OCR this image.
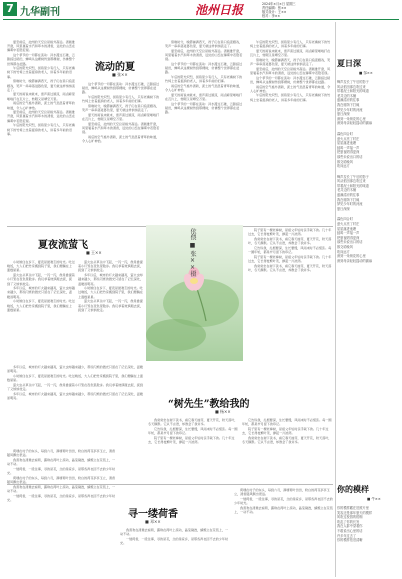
7 九华副刊	池州日报	2024年×月×日 星期三
责任编辑：张××
版式设计：王××
校对：李××

夏至前后，池州的天空总是格外高远。清晨推开窗，风里裹着水汽和草木的清香，远处的山峦在薄雾中若隐若现。

这个季节的一切都在流动：河水漫过石滩，云影掠过稻田，蝉鸣从这棵树传到那棵树，仿佛整个世界都在赶路。

午后的阳光炽烈，街巷里少有行人，只有老槐树下的竹椅上坐着摇扇的老人，讲着多年前的旧事。

傍晚时分，晚霞铺满西天，孩子们在巷口追逐嬉戏，笑声一串串落进暮色里，夏天就这样悄悄流走了。

夏天的雨说来就来，雷声滚过屋顶，雨点噼里啪啦打在瓦片上，转眼又是晴空万里。

雨后的空气格外清新，泥土的气息混着青草的味道，令人心旷神怡。

夏至前后，池州的天空总是格外高远。清晨推开窗，风里裹着水汽和草木的清香，远处的山峦在薄雾中若隐若现。

午后的阳光炽烈，街巷里少有行人，只有老槐树下的竹椅上坐着摇扇的老人，讲着多年前的旧事。

流动的夏
■ 张××

这个季节的一切都在流动：河水漫过石滩，云影掠过稻田，蝉鸣从这棵树传到那棵树，仿佛整个世界都在赶路。

午后的阳光炽烈，街巷里少有行人，只有老槐树下的竹椅上坐着摇扇的老人，讲着多年前的旧事。

傍晚时分，晚霞铺满西天，孩子们在巷口追逐嬉戏，笑声一串串落进暮色里，夏天就这样悄悄流走了。

夏天的雨说来就来，雷声滚过屋顶，雨点噼里啪啦打在瓦片上，转眼又是晴空万里。

夏至前后，池州的天空总是格外高远。清晨推开窗，风里裹着水汽和草木的清香，远处的山峦在薄雾中若隐若现。

雨后的空气格外清新，泥土的气息混着青草的味道，令人心旷神怡。

傍晚时分，晚霞铺满西天，孩子们在巷口追逐嬉戏，笑声一串串落进暮色里，夏天就这样悄悄流走了。

夏至前后，池州的天空总是格外高远。清晨推开窗，风里裹着水汽和草木的清香，远处的山峦在薄雾中若隐若现。

这个季节的一切都在流动：河水漫过石滩，云影掠过稻田，蝉鸣从这棵树传到那棵树，仿佛整个世界都在赶路。

午后的阳光炽烈，街巷里少有行人，只有老槐树下的竹椅上坐着摇扇的老人，讲着多年前的旧事。

雨后的空气格外清新，泥土的气息混着青草的味道，令人心旷神怡。

夏天的雨说来就来，雷声滚过屋顶，雨点噼里啪啦打在瓦片上，转眼又是晴空万里。

这个季节的一切都在流动：河水漫过石滩，云影掠过稻田，蝉鸣从这棵树传到那棵树，仿佛整个世界都在赶路。

午后的阳光炽烈，街巷里少有行人，只有老槐树下的竹椅上坐着摇扇的老人，讲着多年前的旧事。

夏天的雨说来就来，雷声滚过屋顶，雨点噼里啪啦打在瓦片上，转眼又是晴空万里。

傍晚时分，晚霞铺满西天，孩子们在巷口追逐嬉戏，笑声一串串落进暮色里，夏天就这样悄悄流走了。

夏至前后，池州的天空总是格外高远。清晨推开窗，风里裹着水汽和草木的清香，远处的山峦在薄雾中若隐若现。

这个季节的一切都在流动：河水漫过石滩，云影掠过稻田，蝉鸣从这棵树传到那棵树，仿佛整个世界都在赶路。

雨后的空气格外清新，泥土的气息混着青草的味道，令人心旷神怡。

午后的阳光炽烈，街巷里少有行人，只有老槐树下的竹椅上坐着摇扇的老人，讲着多年前的旧事。

夏夜流萤飞
■ 王××

小时候住在乡下，夏夜是最难忘的时光。吃过晚饭，大人们把竹床搬到院子里，我们便躺在上面数星星。

萤火虫从草丛中飞起，一闪一闪，像是谁提着小灯笼在夜色里散步。我们拿着玻璃瓶去捉，捉到了又悄悄放走。

多年以后，城市的灯火越来越亮，萤火虫却越来越少，那些闪烁的微光只留在了记忆深处，温暖而明亮。

小时候住在乡下，夏夜是最难忘的时光。吃过晚饭，大人们把竹床搬到院子里，我们便躺在上面数星星。

萤火虫从草丛中飞起，一闪一闪，像是谁提着小灯笼在夜色里散步。我们拿着玻璃瓶去捉，捉到了又悄悄放走。

多年以后，城市的灯火越来越亮，萤火虫却越来越少，那些闪烁的微光只留在了记忆深处，温暖而明亮。

小时候住在乡下，夏夜是最难忘的时光。吃过晚饭，大人们把竹床搬到院子里，我们便躺在上面数星星。

萤火虫从草丛中飞起，一闪一闪，像是谁提着小灯笼在夜色里散步。我们拿着玻璃瓶去捉，捉到了又悄悄放走。

依偎 ■ 张××摄	院子里有一棵老樟树，是祖父年轻时亲手栽下的。几十年过去，它长得枝繁叶茂，撑起一片浓荫。

我常常坐在树下读书，看它春天抽芽，夏天开花，秋天落叶，冬天静默。它从不言语，却教会了我许多。

它告诉我，扎根要深，生长要慢，风雨来时不必慌张。每一圈年轮，都是岁月留下的印记。

院子里有一棵老樟树，是祖父年轻时亲手栽下的。几十年过去，它长得枝繁叶茂，撑起一片浓荫。

我常常坐在树下读书，看它春天抽芽，夏天开花，秋天落叶，冬天静默。它从不言语，却教会了我许多。

多年以后，城市的灯火越来越亮，萤火虫却越来越少，那些闪烁的微光只留在了记忆深处，温暖而明亮。

小时候住在乡下，夏夜是最难忘的时光。吃过晚饭，大人们把竹床搬到院子里，我们便躺在上面数星星。

萤火虫从草丛中飞起，一闪一闪，像是谁提着小灯笼在夜色里散步。我们拿着玻璃瓶去捉，捉到了又悄悄放走。

多年以后，城市的灯火越来越亮，萤火虫却越来越少，那些闪烁的微光只留在了记忆深处，温暖而明亮。

“树先生”教给我的
■ 杨××

我常常坐在树下读书，看它春天抽芽，夏天开花，秋天落叶，冬天静默。它从不言语，却教会了我许多。

它告诉我，扎根要深，生长要慢，风雨来时不必慌张。每一圈年轮，都是岁月留下的印记。

院子里有一棵老樟树，是祖父年轻时亲手栽下的。几十年过去，它长得枝繁叶茂，撑起一片浓荫。

它告诉我，扎根要深，生长要慢，风雨来时不必慌张。每一圈年轮，都是岁月留下的印记。

院子里有一棵老樟树，是祖父年轻时亲手栽下的。几十年过去，它长得枝繁叶茂，撑起一片浓荫。

我常常坐在树下读书，看它春天抽芽，夏天开花，秋天落叶，冬天静默。它从不言语，却教会了我许多。

荷塘在村子的东头，每到六月，满塘荷叶田田，粉白的荷花亭亭玉立，清香随风飘出很远。

我喜欢在清晨去看荷，露珠在荷叶上滚动，晶莹剔透，蜻蜓立在花苞上，一动不动。

一缕荷香，一段往事，寻的是花，念的是家乡，是那些再也回不去的少年时光。

荷塘在村子的东头，每到六月，满塘荷叶田田，粉白的荷花亭亭玉立，清香随风飘出很远。

我喜欢在清晨去看荷，露珠在荷叶上滚动，晶莹剔透，蜻蜓立在花苞上，一动不动。

一缕荷香，一段往事，寻的是花，念的是家乡，是那些再也回不去的少年时光。

寻一缕荷香
■ 邓××

我喜欢在清晨去看荷，露珠在荷叶上滚动，晶莹剔透，蜻蜓立在花苞上，一动不动。

一缕荷香，一段往事，寻的是花，念的是家乡，是那些再也回不去的少年时光。

荷塘在村子的东头，每到六月，满塘荷叶田田，粉白的荷花亭亭玉立，清香随风飘出很远。

一缕荷香，一段往事，寻的是花，念的是家乡，是那些再也回不去的少年时光。

我喜欢在清晨去看荷，露珠在荷叶上滚动，晶莹剔透，蜻蜓立在花苞上，一动不动。

夏日深
■ 邹××
蝉声拉长了午后的影子
风从稻田那边吹过来
带着泥土和阳光的味道
老井边的木桶
盛满清凉的往事
我在树荫下打盹
梦见少年时的河流
夏日深深
深到一朵荷花的心里
深到母亲轻轻摇动的蒲扇
暮色四合时
萤火点亮了村庄
星星落进池塘
蛙鸣一声接一声
把夏夜唱得更深
那些未说出口的话
都交给晚风
吹向远方
蝉声拉长了午后的影子
风从稻田那边吹过来
带着泥土和阳光的味道
老井边的木桶
盛满清凉的往事
我在树荫下打盹
梦见少年时的河流
夏日深深
暮色四合时
萤火点亮了村庄
星星落进池塘
蛙鸣一声接一声
把夏夜唱得更深
那些未说出口的话
都交给晚风
吹向远方
深到一朵荷花的心里
深到母亲轻轻摇动的蒲扇
你的模样
■ 牛××
你的模样藏在旧照片里
笑容还是那年夏天的模样
风吹过校园的梧桐
吹乱了你的长发
我在人群中望着你
不敢说出心里的话
许多年过去了
你的模样依旧清晰
